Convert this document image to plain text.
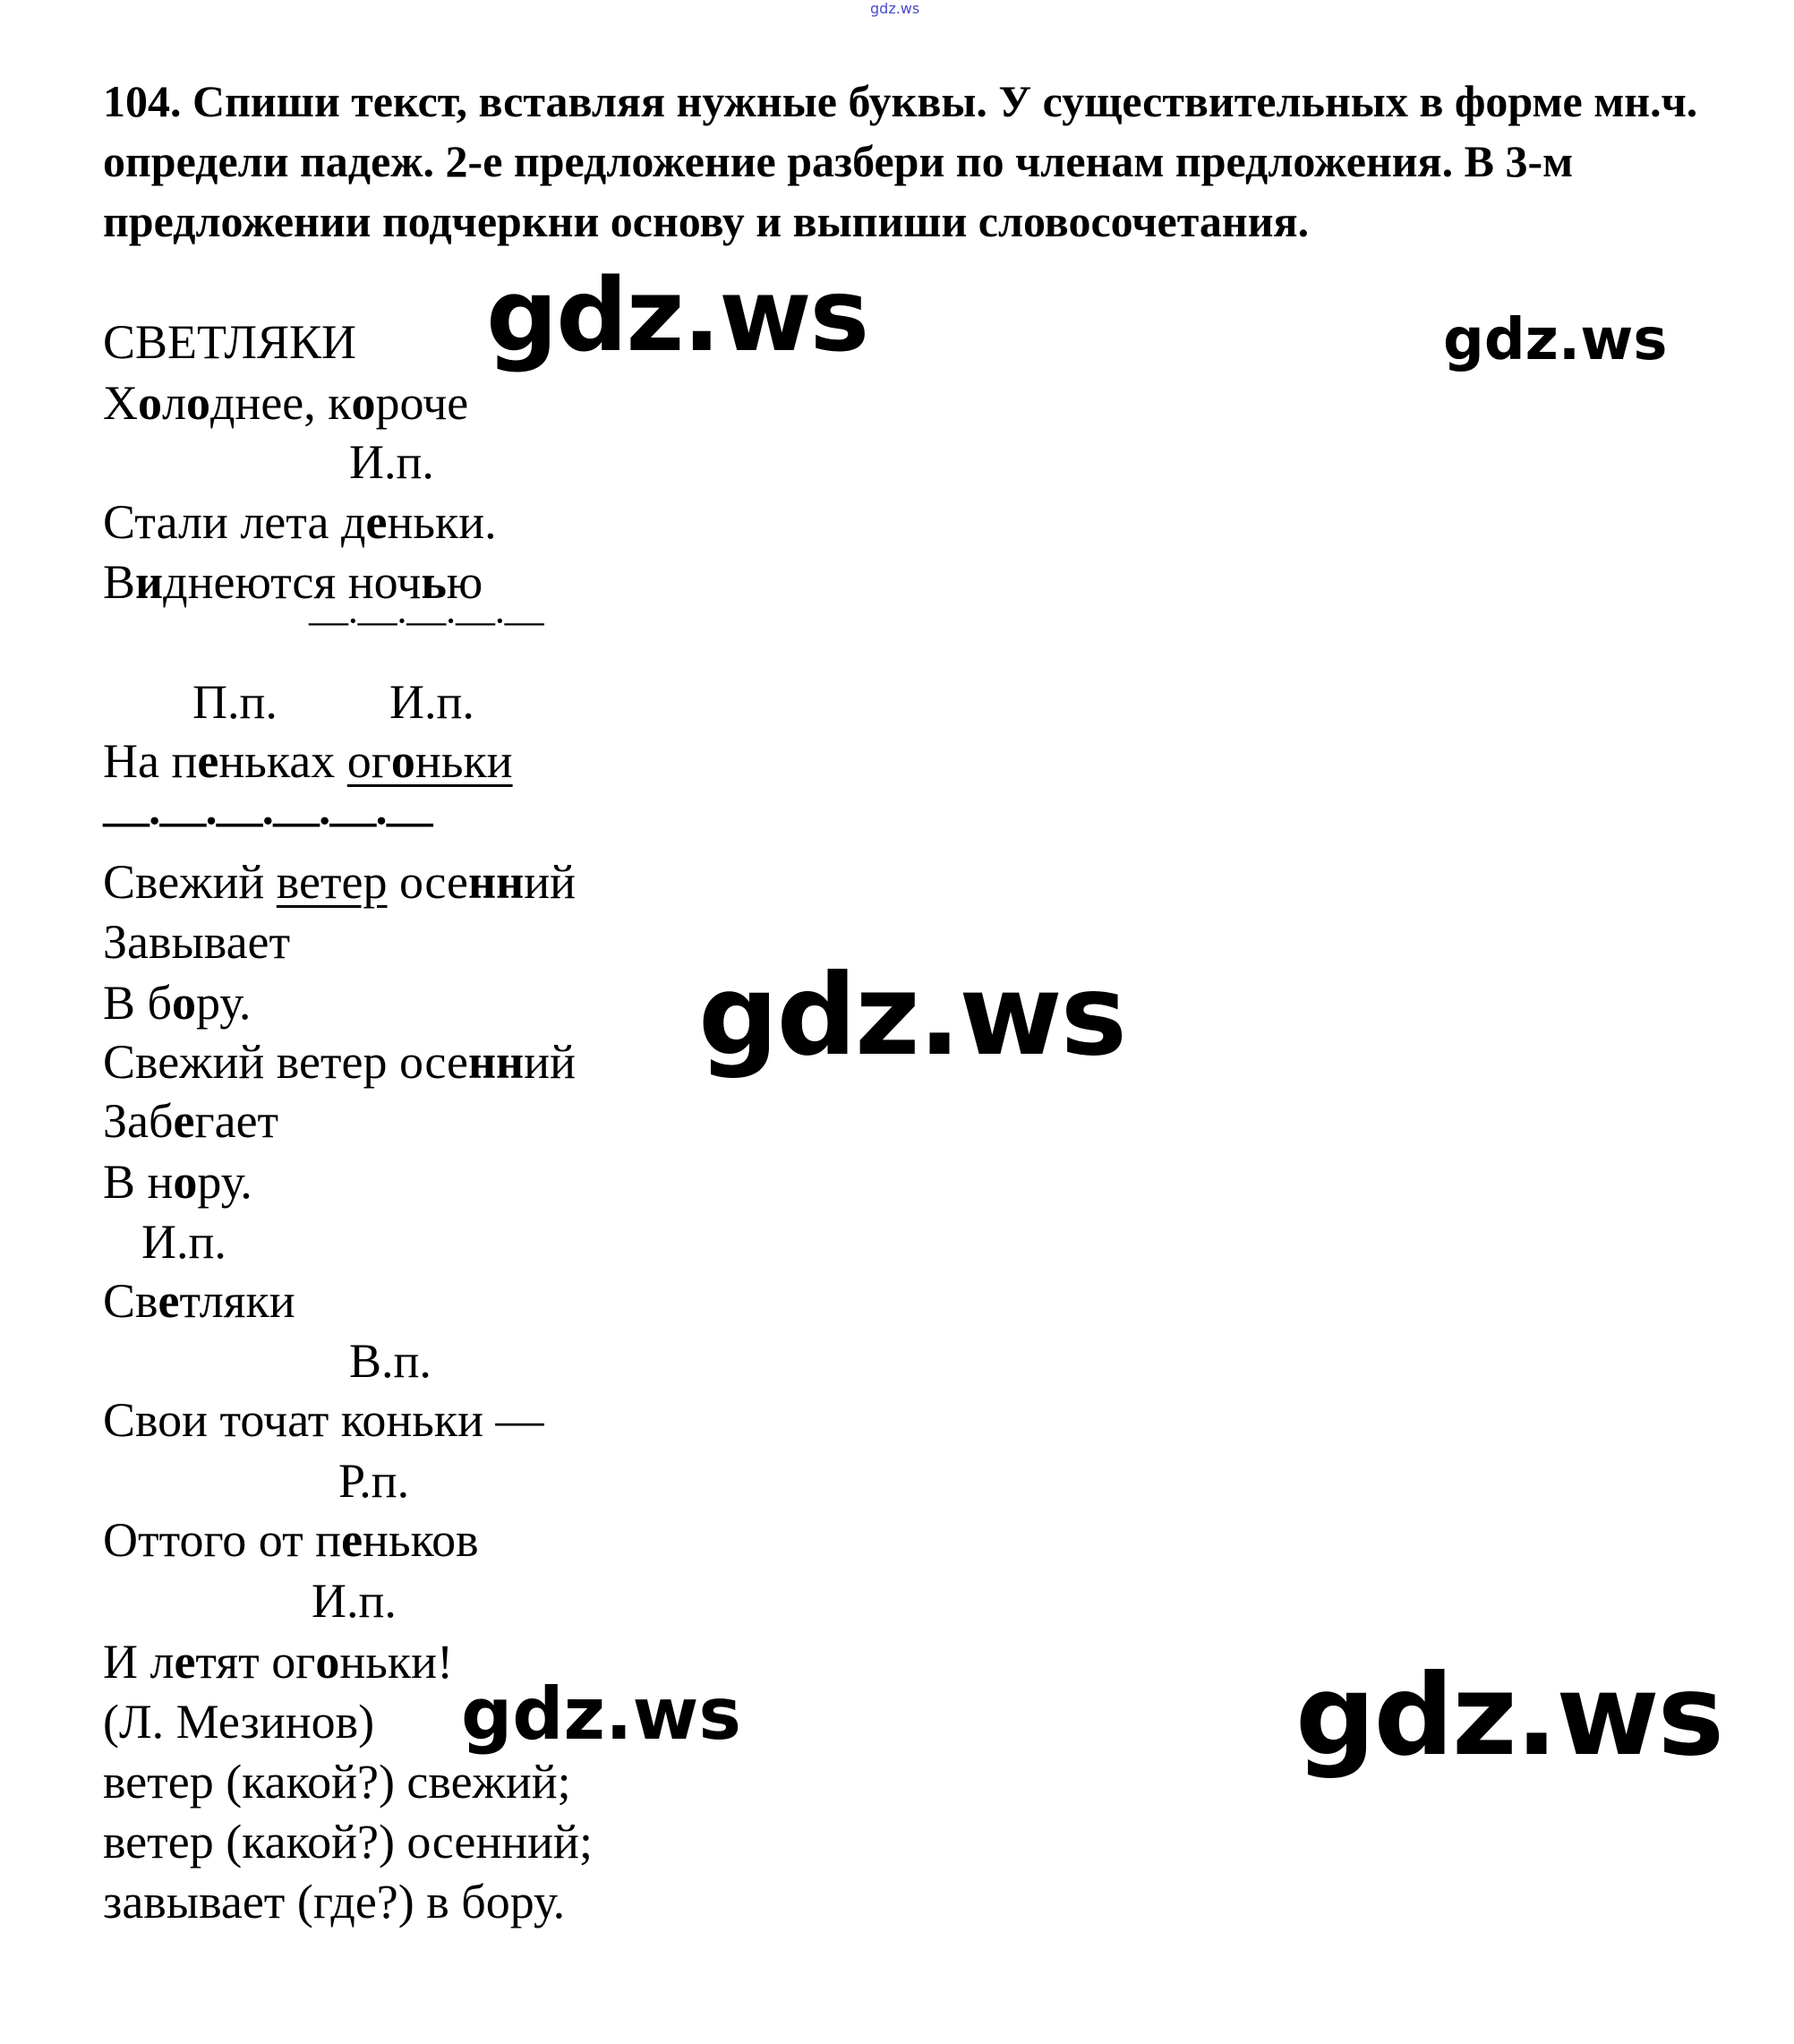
gdz.ws
104. Спиши текст, вставляя нужные буквы. У существительных в форме мн.ч. определи падеж. 2-е предложение разбери по членам предложения. В 3-м предложении подчеркни основу и выпиши словосочетания.
СВЕТЛЯКИ
Холоднее, короче
И.п.
Стали лета деньки.
Виднеются ночью
—·—·—·—·—
П.п. И.п.
На пеньках огоньки
—·—·—·—·—·—
Свежий ветер осенний
Завывает
В бору.
Свежий ветер осенний
Забегает
В нору.
И.п.
Светляки
В.п.
Свои точат коньки —
Р.п.
Оттого от пеньков
И.п.
И летят огоньки!
(Л. Мезинов)
ветер (какой?) свежий;
ветер (какой?) осенний;
завывает (где?) в бору.
gdz.ws	gdz.ws
gdz.ws
gdz.ws	gdz.ws
